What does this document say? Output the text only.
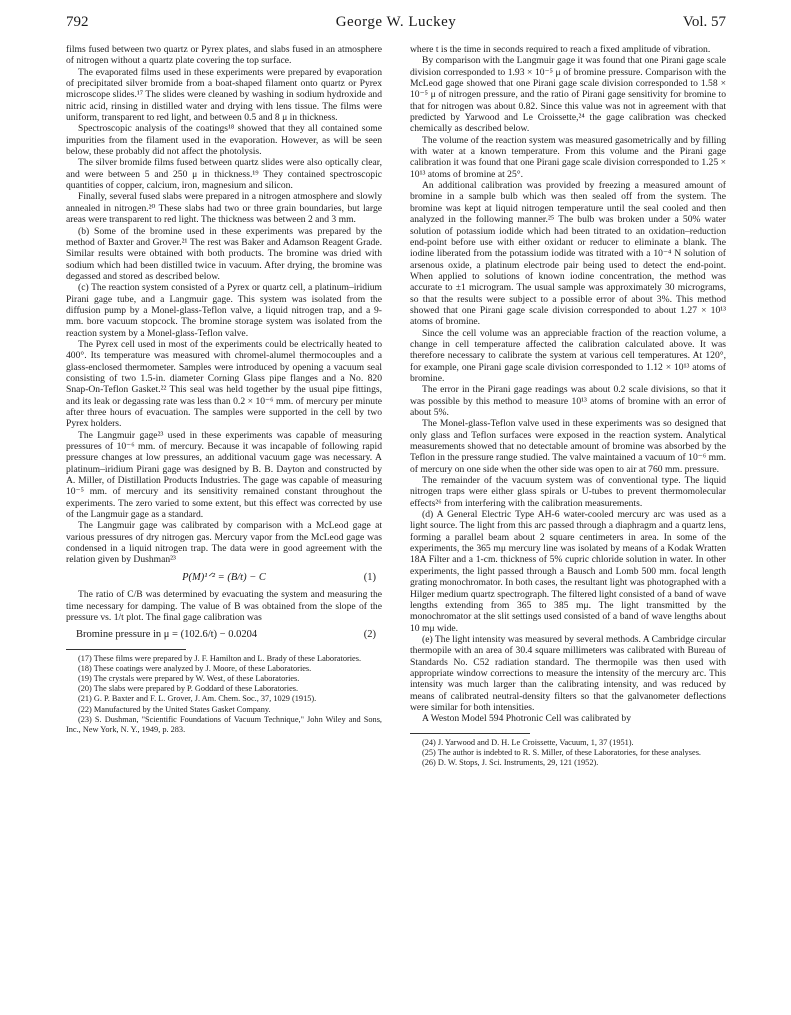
792	George W. Luckey	Vol. 57

films fused between two quartz or Pyrex plates, and slabs fused in an atmosphere of nitrogen without a quartz plate covering the top surface.

The evaporated films used in these experiments were prepared by evaporation of precipitated silver bromide from a boat-shaped filament onto quartz or Pyrex microscope slides.¹⁷ The slides were cleaned by washing in sodium hydroxide and nitric acid, rinsing in distilled water and drying with lens tissue. The films were uniform, transparent to red light, and between 0.5 and 8 μ in thickness.

Spectroscopic analysis of the coatings¹⁸ showed that they all contained some impurities from the filament used in the evaporation. However, as will be seen below, these probably did not affect the photolysis.

The silver bromide films fused between quartz slides were also optically clear, and were between 5 and 250 μ in thickness.¹⁹ They contained spectroscopic quantities of copper, calcium, iron, magnesium and silicon.

Finally, several fused slabs were prepared in a nitrogen atmosphere and slowly annealed in nitrogen.²⁰ These slabs had two or three grain boundaries, but large areas were transparent to red light. The thickness was between 2 and 3 mm.

(b) Some of the bromine used in these experiments was prepared by the method of Baxter and Grover.²¹ The rest was Baker and Adamson Reagent Grade. Similar results were obtained with both products. The bromine was dried with sodium which had been distilled twice in vacuum. After drying, the bromine was degassed and stored as described below.

(c) The reaction system consisted of a Pyrex or quartz cell, a platinum–iridium Pirani gage tube, and a Langmuir gage. This system was isolated from the diffusion pump by a Monel-glass-Teflon valve, a liquid nitrogen trap, and a 9-mm. bore vacuum stopcock. The bromine storage system was isolated from the reaction system by a Monel-glass-Teflon valve.

The Pyrex cell used in most of the experiments could be electrically heated to 400°. Its temperature was measured with chromel-alumel thermocouples and a glass-enclosed thermometer. Samples were introduced by opening a vacuum seal consisting of two 1.5-in. diameter Corning Glass pipe flanges and a No. 820 Snap-On-Teflon Gasket.²² This seal was held together by the usual pipe fittings, and its leak or degassing rate was less than 0.2 × 10⁻⁶ mm. of mercury per minute after three hours of evacuation. The samples were supported in the cell by two Pyrex holders.

The Langmuir gage²³ used in these experiments was capable of measuring pressures of 10⁻⁶ mm. of mercury. Because it was incapable of following rapid pressure changes at low pressures, an additional vacuum gage was necessary. A platinum–iridium Pirani gage was designed by B. B. Dayton and constructed by A. Miller, of Distillation Products Industries. The gage was capable of measuring 10⁻⁵ mm. of mercury and its sensitivity remained constant throughout the experiments. The zero varied to some extent, but this effect was corrected by use of the Langmuir gage as a standard.

The Langmuir gage was calibrated by comparison with a McLeod gage at various pressures of dry nitrogen gas. Mercury vapor from the McLeod gage was condensed in a liquid nitrogen trap. The data were in good agreement with the relation given by Dushman²³

P(M)¹ᐟ² = (B/t) − C	(1)

The ratio of C/B was determined by evacuating the system and measuring the time necessary for damping. The value of B was obtained from the slope of the pressure vs. 1/t plot. The final gage calibration was

Bromine pressure in μ = (102.6/t) − 0.0204	(2)

(17) These films were prepared by J. F. Hamilton and L. Brady of these Laboratories.

(18) These coatings were analyzed by J. Moore, of these Laboratories.

(19) The crystals were prepared by W. West, of these Laboratories.

(20) The slabs were prepared by P. Goddard of these Laboratories.

(21) G. P. Baxter and F. L. Grover, J. Am. Chem. Soc., 37, 1029 (1915).

(22) Manufactured by the United States Gasket Company.

(23) S. Dushman, "Scientific Foundations of Vacuum Technique," John Wiley and Sons, Inc., New York, N. Y., 1949, p. 283.

where t is the time in seconds required to reach a fixed amplitude of vibration.

By comparison with the Langmuir gage it was found that one Pirani gage scale division corresponded to 1.93 × 10⁻⁵ μ of bromine pressure. Comparison with the McLeod gage showed that one Pirani gage scale division corresponded to 1.58 × 10⁻⁵ μ of nitrogen pressure, and the ratio of Pirani gage sensitivity for bromine to that for nitrogen was about 0.82. Since this value was not in agreement with that predicted by Yarwood and Le Croissette,²⁴ the gage calibration was checked chemically as described below.

The volume of the reaction system was measured gasometrically and by filling with water at a known temperature. From this volume and the Pirani gage calibration it was found that one Pirani gage scale division corresponded to 1.25 × 10¹³ atoms of bromine at 25°.

An additional calibration was provided by freezing a measured amount of bromine in a sample bulb which was then sealed off from the system. The bromine was kept at liquid nitrogen temperature until the seal cooled and then analyzed in the following manner.²⁵ The bulb was broken under a 50% water solution of potassium iodide which had been titrated to an oxidation–reduction end-point before use with either oxidant or reducer to eliminate a blank. The iodine liberated from the potassium iodide was titrated with a 10⁻⁴ N solution of arsenous oxide, a platinum electrode pair being used to detect the end-point. When applied to solutions of known iodine concentration, the method was accurate to ±1 microgram. The usual sample was approximately 30 micrograms, so that the results were subject to a possible error of about 3%. This method showed that one Pirani gage scale division corresponded to about 1.27 × 10¹³ atoms of bromine.

Since the cell volume was an appreciable fraction of the reaction volume, a change in cell temperature affected the calibration calculated above. It was therefore necessary to calibrate the system at various cell temperatures. At 120°, for example, one Pirani gage scale division corresponded to 1.12 × 10¹³ atoms of bromine.

The error in the Pirani gage readings was about 0.2 scale divisions, so that it was possible by this method to measure 10¹³ atoms of bromine with an error of about 5%.

The Monel-glass-Teflon valve used in these experiments was so designed that only glass and Teflon surfaces were exposed in the reaction system. Analytical measurements showed that no detectable amount of bromine was absorbed by the Teflon in the pressure range studied. The valve maintained a vacuum of 10⁻⁶ mm. of mercury on one side when the other side was open to air at 760 mm. pressure.

The remainder of the vacuum system was of conventional type. The liquid nitrogen traps were either glass spirals or U-tubes to prevent thermomolecular effects²⁶ from interfering with the calibration measurements.

(d) A General Electric Type AH-6 water-cooled mercury arc was used as a light source. The light from this arc passed through a diaphragm and a quartz lens, forming a parallel beam about 2 square centimeters in area. In some of the experiments, the 365 mμ mercury line was isolated by means of a Kodak Wratten 18A Filter and a 1-cm. thickness of 5% cupric chloride solution in water. In other experiments, the light passed through a Bausch and Lomb 500 mm. focal length grating monochromator. In both cases, the resultant light was photographed with a Hilger medium quartz spectrograph. The filtered light consisted of a band of wave lengths extending from 365 to 385 mμ. The light transmitted by the monochromator at the slit settings used consisted of a band of wave lengths about 10 mμ wide.

(e) The light intensity was measured by several methods. A Cambridge circular thermopile with an area of 30.4 square millimeters was calibrated with Bureau of Standards No. C52 radiation standard. The thermopile was then used with appropriate window corrections to measure the intensity of the mercury arc. This intensity was much larger than the calibrating intensity, and was reduced by means of calibrated neutral-density filters so that the galvanometer deflections were similar for both intensities.

A Weston Model 594 Photronic Cell was calibrated by

(24) J. Yarwood and D. H. Le Croissette, Vacuum, 1, 37 (1951).

(25) The author is indebted to R. S. Miller, of these Laboratories, for these analyses.

(26) D. W. Stops, J. Sci. Instruments, 29, 121 (1952).
